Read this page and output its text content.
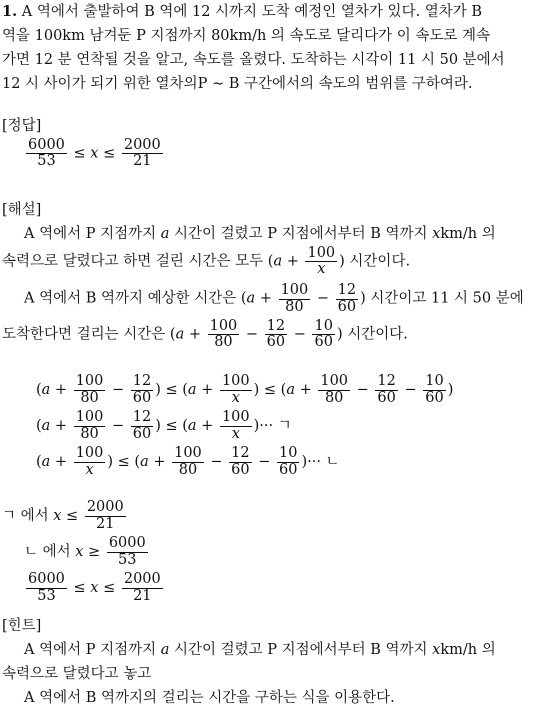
1. A 역에서 출발하여 B 역에 12 시까지 도착 예정인 열차가 있다. 열차가 B
역을 100km 남겨둔 P 지점까지 80km/h 의 속도로 달리다가 이 속도로 계속
가면 12 분 연착될 것을 알고, 속도를 올렸다. 도착하는 시각이 11 시 50 분에서
12 시 사이가 되기 위한 열차의P ∼ B 구간에서의 속도의 범위를 구하여라.
[정답]
$\frac{6000}{53} \le x \le \frac{2000}{21}$
[해설]
A 역에서 P 지점까지 a 시간이 걸렸고 P 지점에서부터 B 역까지 xkm/h 의
속력으로 달렸다고 하면 걸린 시간은 모두 ($a + \frac{100}{x}$ ) 시간이다.
A 역에서 B 역까지 예상한 시간은 ($a + \frac{100}{80} - \frac{12}{60}$ ) 시간이고 11 시 50 분에
도착한다면 걸리는 시간은 ($a + \frac{100}{80} - \frac{12}{60} - \frac{10}{60}$ ) 시간이다.
($a + \frac{100}{80} - \frac{12}{60}$ ) ≤ ($a + \frac{100}{x}$ ) ≤ ($a + \frac{100}{80} - \frac{12}{60} - \frac{10}{60}$ )
($a + \frac{100}{80} - \frac{12}{60}$ ) ≤ ($a + \frac{100}{x}$ )··· ㄱ
($a + \frac{100}{x}$ ) ≤ ($a + \frac{100}{80} - \frac{12}{60} - \frac{10}{60}$ )··· ㄴ
ㄱ 에서 $x \le \frac{2000}{21}$
ㄴ 에서 $x \ge \frac{6000}{53}$
$\frac{6000}{53} \le x \le \frac{2000}{21}$
[힌트]
A 역에서 P 지점까지 a 시간이 걸렸고 P 지점에서부터 B 역까지 xkm/h 의
속력으로 달렸다고 놓고
A 역에서 B 역까지의 걸리는 시간을 구하는 식을 이용한다.
